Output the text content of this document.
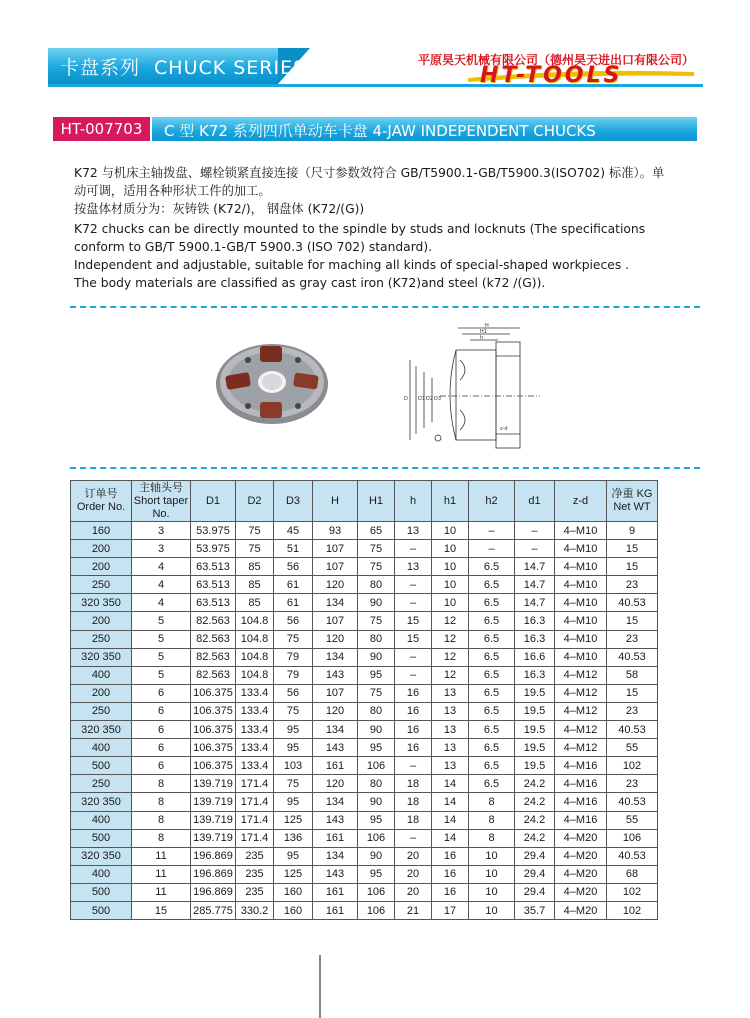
卡盘系列 CHUCK SERIES	平原昊天机械有限公司（德州昊天进出口有限公司）
HT-TOOLS
HT-007703	C 型 K72 系列四爪单动车卡盘 4-JAW INDEPENDENT CHUCKS
K72 与机床主轴拨盘、螺栓锁紧直接连接（尺寸参数效符合 GB/T5900.1-GB/T5900.3(ISO702) 标准）。单
动可调，适用各种形状工件的加工。
按盘体材质分为：灰铸铁 (K72/)， 钢盘体 (K72/(G))
K72 chucks can be directly mounted to the spindle by studs and locknuts (The specifications
conform to GB/T 5900.1-GB/T 5900.3 (ISO 702) standard).
Independent and adjustable, suitable for maching all kinds of special-shaped workpieces .
The body materials are classified as gray cast iron (K72)and steel (k72 /(G)).
H
H1
h
D D1 D2 D3
z-d
订单号
Order No.	主轴头号
Short taper
No.	D1	D2	D3	H	H1	h	h1	h2	d1	z-d	净重 KG
Net WT
160	3	53.975	75	45	93	65	13	10	–	–	4–M10	9
200	3	53.975	75	51	107	75	–	10	–	–	4–M10	15
200	4	63.513	85	56	107	75	13	10	6.5	14.7	4–M10	15
250	4	63.513	85	61	120	80	–	10	6.5	14.7	4–M10	23
320 350	4	63.513	85	61	134	90	–	10	6.5	14.7	4–M10	40.53
200	5	82.563	104.8	56	107	75	15	12	6.5	16.3	4–M10	15
250	5	82.563	104.8	75	120	80	15	12	6.5	16.3	4–M10	23
320 350	5	82.563	104.8	79	134	90	–	12	6.5	16.6	4–M10	40.53
400	5	82.563	104.8	79	143	95	–	12	6.5	16.3	4–M12	58
200	6	106.375	133.4	56	107	75	16	13	6.5	19.5	4–M12	15
250	6	106.375	133.4	75	120	80	16	13	6.5	19.5	4–M12	23
320 350	6	106.375	133.4	95	134	90	16	13	6.5	19.5	4–M12	40.53
400	6	106.375	133.4	95	143	95	16	13	6.5	19.5	4–M12	55
500	6	106.375	133.4	103	161	106	–	13	6.5	19.5	4–M16	102
250	8	139.719	171.4	75	120	80	18	14	6.5	24.2	4–M16	23
320 350	8	139.719	171.4	95	134	90	18	14	8	24.2	4–M16	40.53
400	8	139.719	171.4	125	143	95	18	14	8	24.2	4–M16	55
500	8	139.719	171.4	136	161	106	–	14	8	24.2	4–M20	106
320 350	11	196.869	235	95	134	90	20	16	10	29.4	4–M20	40.53
400	11	196.869	235	125	143	95	20	16	10	29.4	4–M20	68
500	11	196.869	235	160	161	106	20	16	10	29.4	4–M20	102
500	15	285.775	330.2	160	161	106	21	17	10	35.7	4–M20	102
